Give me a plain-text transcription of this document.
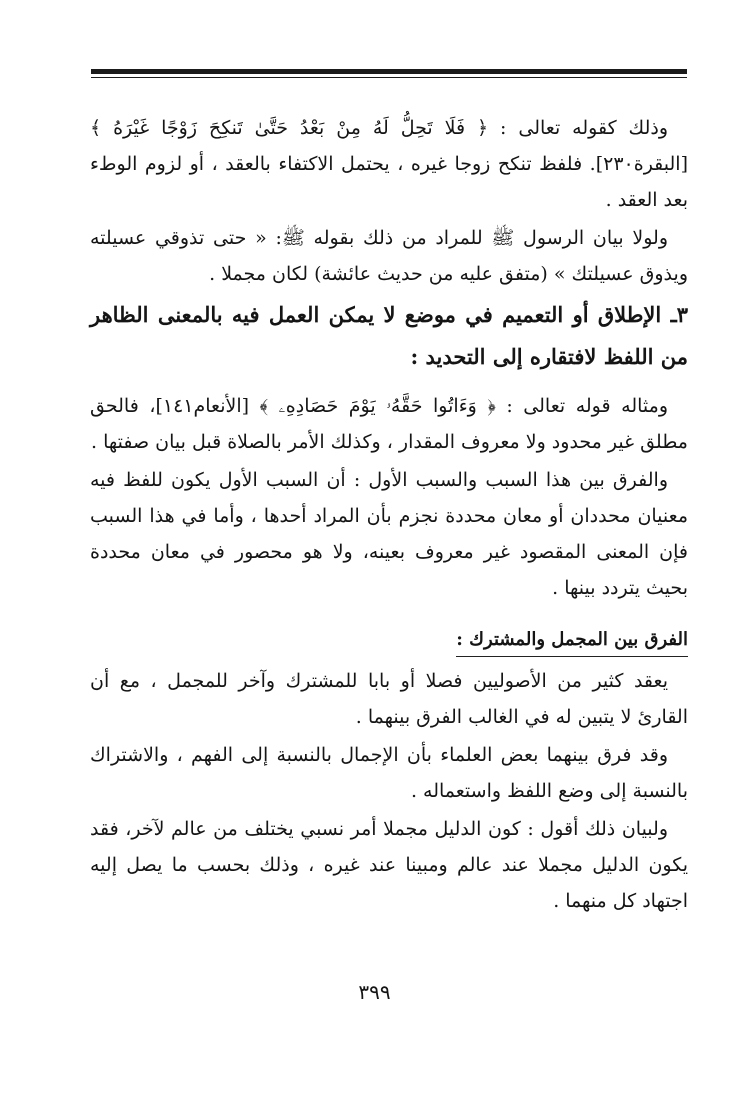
وذلك كقوله تعالى : ﴿ فَلَا تَحِلُّ لَهُ مِنْ بَعْدُ حَتَّىٰ تَنكِحَ زَوْجًا غَيْرَهُ ﴾ [البقرة٢٣٠]. فلفظ تنكح زوجا غيره ، يحتمل الاكتفاء بالعقد ، أو لزوم الوطء بعد العقد .

ولولا بيان الرسول ﷺ للمراد من ذلك بقوله ﷺ: « حتى تذوقي عسيلته ويذوق عسيلتك » (متفق عليه من حديث عائشة) لكان مجملا .

٣ـ الإطلاق أو التعميم في موضع لا يمكن العمل فيه بالمعنى الظاهر من اللفظ لافتقاره إلى التحديد :

ومثاله قوله تعالى : ﴿ وَءَاتُوا حَقَّهُۥ يَوْمَ حَصَادِهِۦ ﴾ [الأنعام١٤١]، فالحق مطلق غير محدود ولا معروف المقدار ، وكذلك الأمر بالصلاة قبل بيان صفتها .

والفرق بين هذا السبب والسبب الأول : أن السبب الأول يكون للفظ فيه معنيان محددان أو معان محددة نجزم بأن المراد أحدها ، وأما في هذا السبب فإن المعنى المقصود غير معروف بعينه، ولا هو محصور في معان محددة بحيث يتردد بينها .

الفرق بين المجمل والمشترك :

يعقد كثير من الأصوليين فصلا أو بابا للمشترك وآخر للمجمل ، مع أن القارئ لا يتبين له في الغالب الفرق بينهما .

وقد فرق بينهما بعض العلماء بأن الإجمال بالنسبة إلى الفهم ، والاشتراك بالنسبة إلى وضع اللفظ واستعماله .

ولبيان ذلك أقول : كون الدليل مجملا أمر نسبي يختلف من عالم لآخر، فقد يكون الدليل مجملا عند عالم ومبينا عند غيره ، وذلك بحسب ما يصل إليه اجتهاد كل منهما .

٣٩٩
